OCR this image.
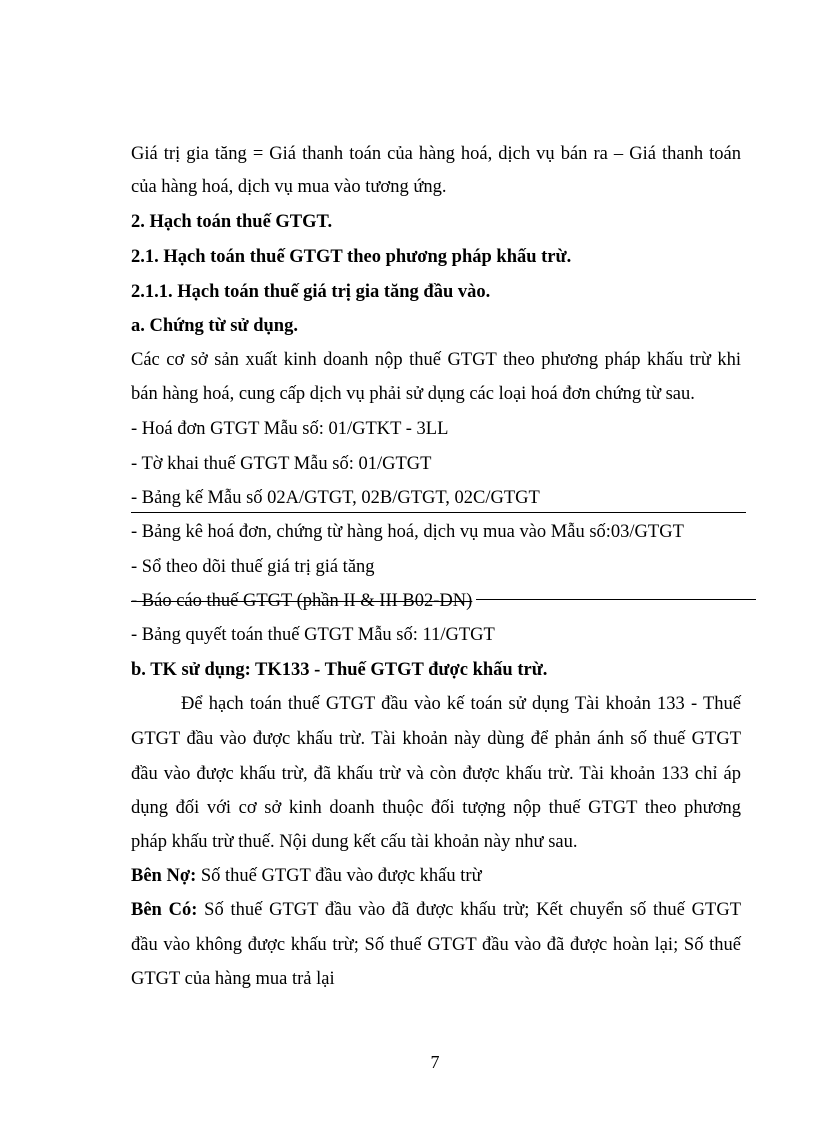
Giá trị gia tăng = Giá thanh toán của hàng hoá, dịch vụ bán ra – Giá thanh toán
của hàng hoá, dịch vụ mua vào tương ứng.
2. Hạch toán thuế GTGT.
2.1. Hạch toán thuế GTGT theo phương pháp khấu trừ.
2.1.1. Hạch toán thuế giá trị gia tăng đầu vào.
a. Chứng từ sử dụng.
Các cơ sở sản xuất kinh doanh nộp thuế GTGT theo phương pháp khấu trừ khi
bán hàng hoá, cung cấp dịch vụ phải sử dụng các loại hoá đơn chứng từ sau.
- Hoá đơn GTGT Mẫu số: 01/GTKT - 3LL
- Tờ khai thuế GTGT Mẫu số: 01/GTGT
- Bảng kế Mẫu số 02A/GTGT, 02B/GTGT, 02C/GTGT
- Bảng kê hoá đơn, chứng từ hàng hoá, dịch vụ mua vào Mẫu số:03/GTGT
- Sổ theo dõi thuế giá trị giá tăng
- Báo cáo thuế GTGT (phần II & III B02-DN)
- Bảng quyết toán thuế GTGT Mẫu số: 11/GTGT
b. TK sử dụng: TK133 - Thuế GTGT được khấu trừ.
Để hạch toán thuế GTGT đầu vào kế toán sử dụng Tài khoản 133 - Thuế
GTGT đầu vào được khấu trừ. Tài khoản này dùng để phản ánh số thuế GTGT
đầu vào được khấu trừ, đã khấu trừ và còn được khấu trừ. Tài khoản 133 chỉ áp
dụng đối với cơ sở kinh doanh thuộc đối tượng nộp thuế GTGT theo phương
pháp khấu trừ thuế. Nội dung kết cấu tài khoản này như sau.
Bên Nợ: Số thuế GTGT đầu vào được khấu trừ
Bên Có: Số thuế GTGT đầu vào đã được khấu trừ; Kết chuyển số thuế GTGT
đầu vào không được khấu trừ; Số thuế GTGT đầu vào đã được hoàn lại; Số thuế
GTGT của hàng mua trả lại
7
